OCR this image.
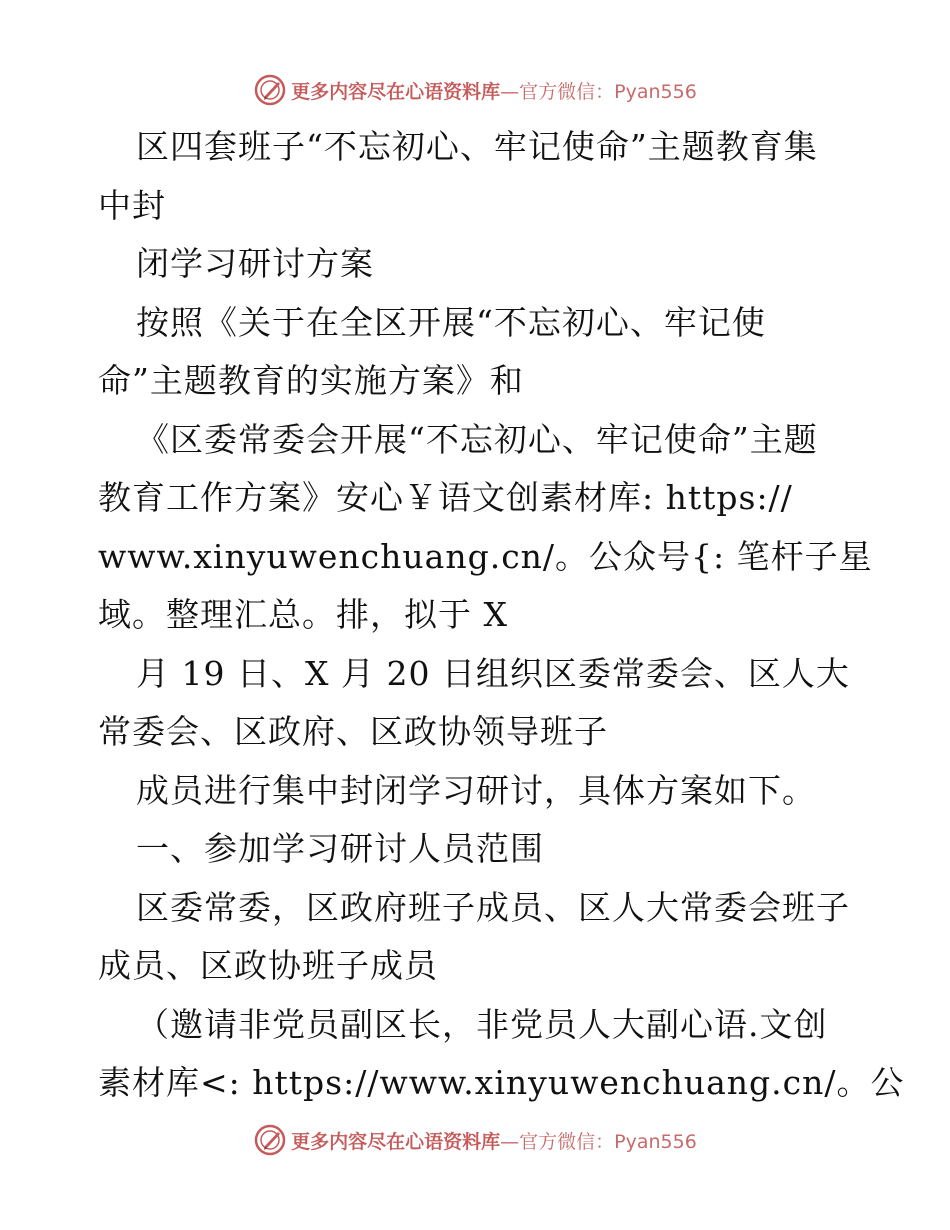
更多内容尽在心语资料库 —官方微信：Pyan556
区四套班子“不忘初心、牢记使命”主题教育集
中封
闭学习研讨方案
按照《关于在全区开展“不忘初心、牢记使
命”主题教育的实施方案》和
《区委常委会开展“不忘初心、牢记使命”主题
教育工作方案》安心￥语文创素材库: https://
www.xinyuwenchuang.cn/。公众号{: 笔杆子星
域。整理汇总。排，拟于 X
月 19 日、X 月 20 日组织区委常委会、区人大
常委会、区政府、区政协领导班子
成员进行集中封闭学习研讨，具体方案如下。
一、参加学习研讨人员范围
区委常委，区政府班子成员、区人大常委会班子
成员、区政协班子成员
（邀请非党员副区长，非党员人大副心语.文创
素材库<: https://www.xinyuwenchuang.cn/。公
更多内容尽在心语资料库 —官方微信：Pyan556
